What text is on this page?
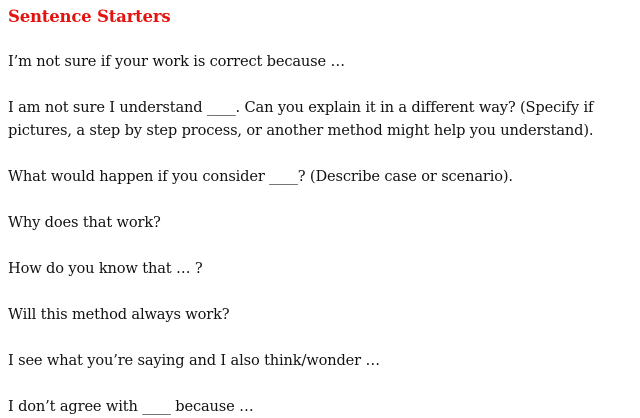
Sentence Starters

I’m not sure if your work is correct because …

I am not sure I understand ____. Can you explain it in a different way? (Specify if pictures, a step by step process, or another method might help you understand).

What would happen if you consider ____? (Describe case or scenario).

Why does that work?

How do you know that … ?

Will this method always work?

I see what you’re saying and I also think/wonder …

I don’t agree with ____ because …
